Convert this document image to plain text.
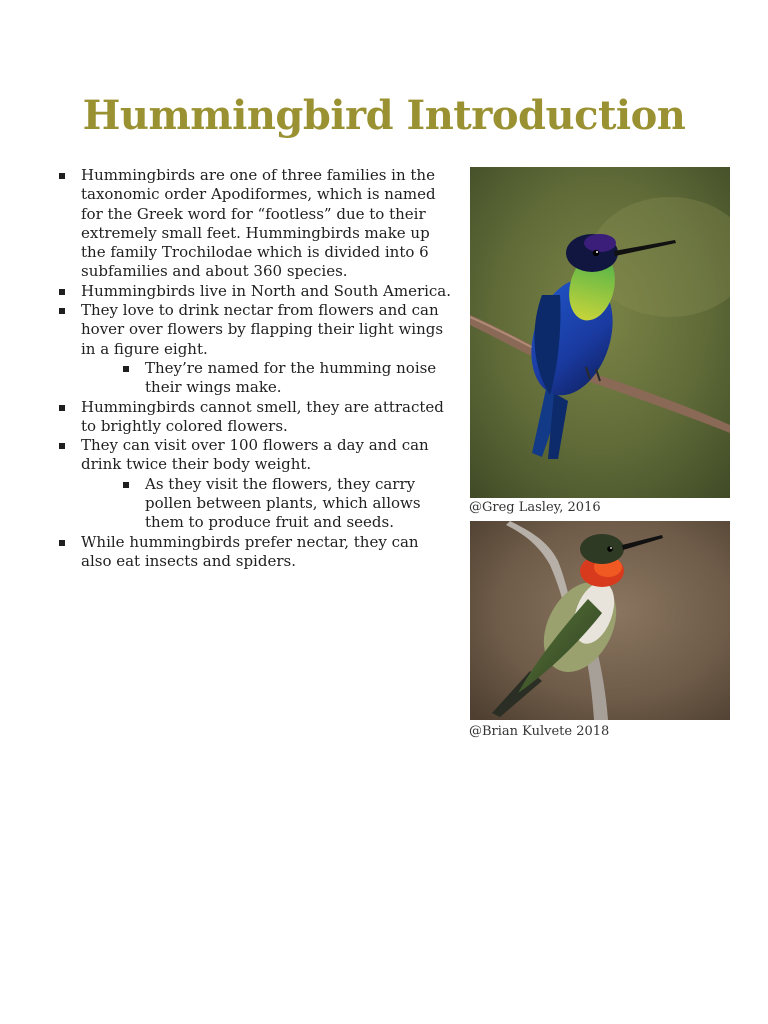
Hummingbird Introduction
Hummingbirds are one of three families in the taxonomic order Apodiformes, which is named for the Greek word for “footless” due to their extremely small feet. Hummingbirds make up the family Trochilodae which is divided into 6 subfamilies and about 360 species.
Hummingbirds live in North and South America.
They love to drink nectar from flowers and can hover over flowers by flapping their light wings in a figure eight.
They’re named for the humming noise their wings make.
Hummingbirds cannot smell, they are attracted to brightly colored flowers.
They can visit over 100 flowers a day and can drink twice their body weight.
As they visit the flowers, they carry pollen between plants, which allows them to produce fruit and seeds.
While hummingbirds prefer nectar, they can also eat insects and spiders.
@Greg Lasley, 2016
@Brian Kulvete 2018
